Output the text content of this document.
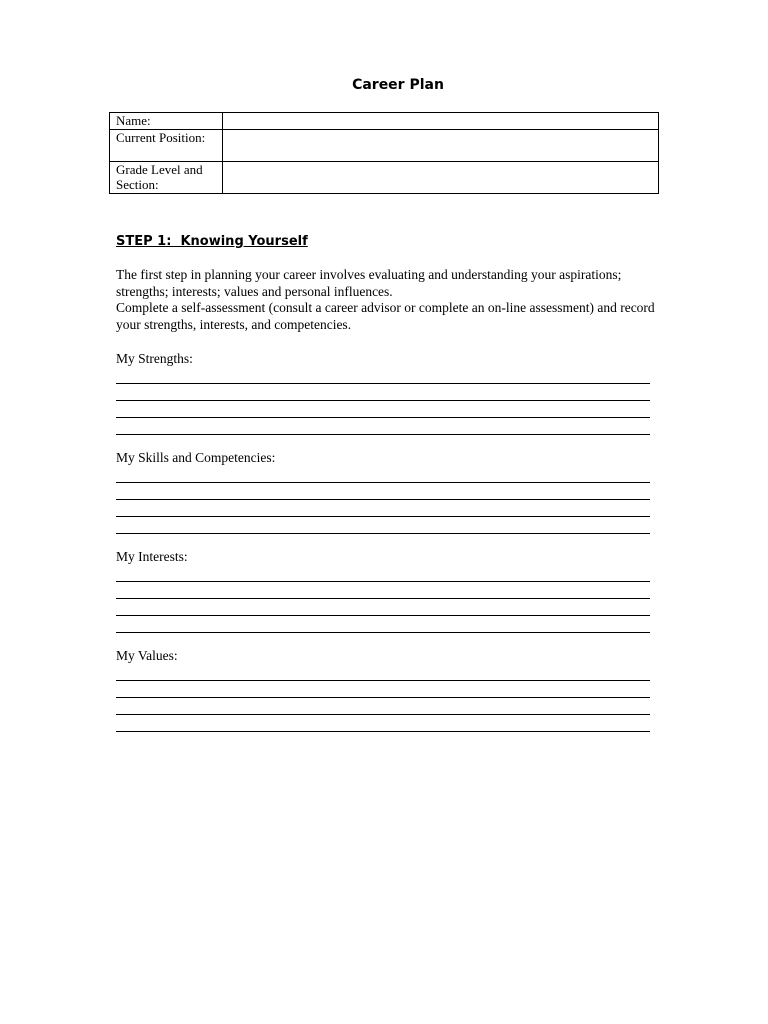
Career Plan
Name:	
Current Position:	
Grade Level and Section:	
STEP 1:  Knowing Yourself

The first step in planning your career involves evaluating and understanding your aspirations; strengths; interests; values and personal influences.

Complete a self-assessment (consult a career advisor or complete an on-line assessment) and record your strengths, interests, and competencies.

My Strengths:

My Skills and Competencies:

My Interests:

My Values:
